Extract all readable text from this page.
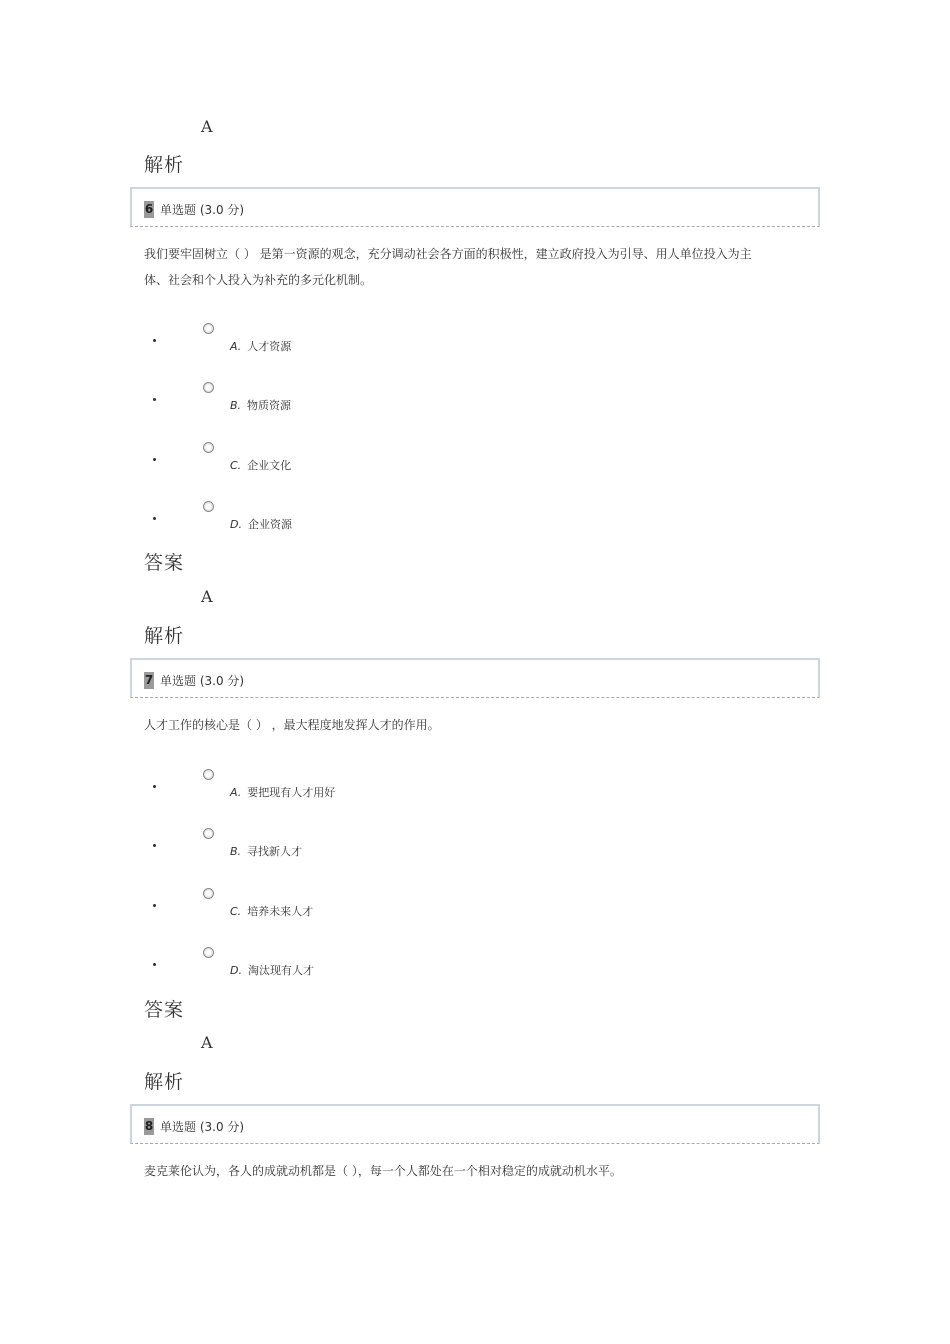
A
解析
6 单选题 (3.0 分)
我们要牢固树立（ ） 是第一资源的观念，充分调动社会各方面的积极性，建立政府投入为引导、用人单位投入为主
体、社会和个人投入为补充的多元化机制。
A. 人才资源
B. 物质资源
C. 企业文化
D. 企业资源
答案
A
解析
7 单选题 (3.0 分)
人才工作的核心是（ ） ，最大程度地发挥人才的作用。
A. 要把现有人才用好
B. 寻找新人才
C. 培养未来人才
D. 淘汰现有人才
答案
A
解析
8 单选题 (3.0 分)
麦克莱伦认为，各人的成就动机都是（ ），每一个人都处在一个相对稳定的成就动机水平。
